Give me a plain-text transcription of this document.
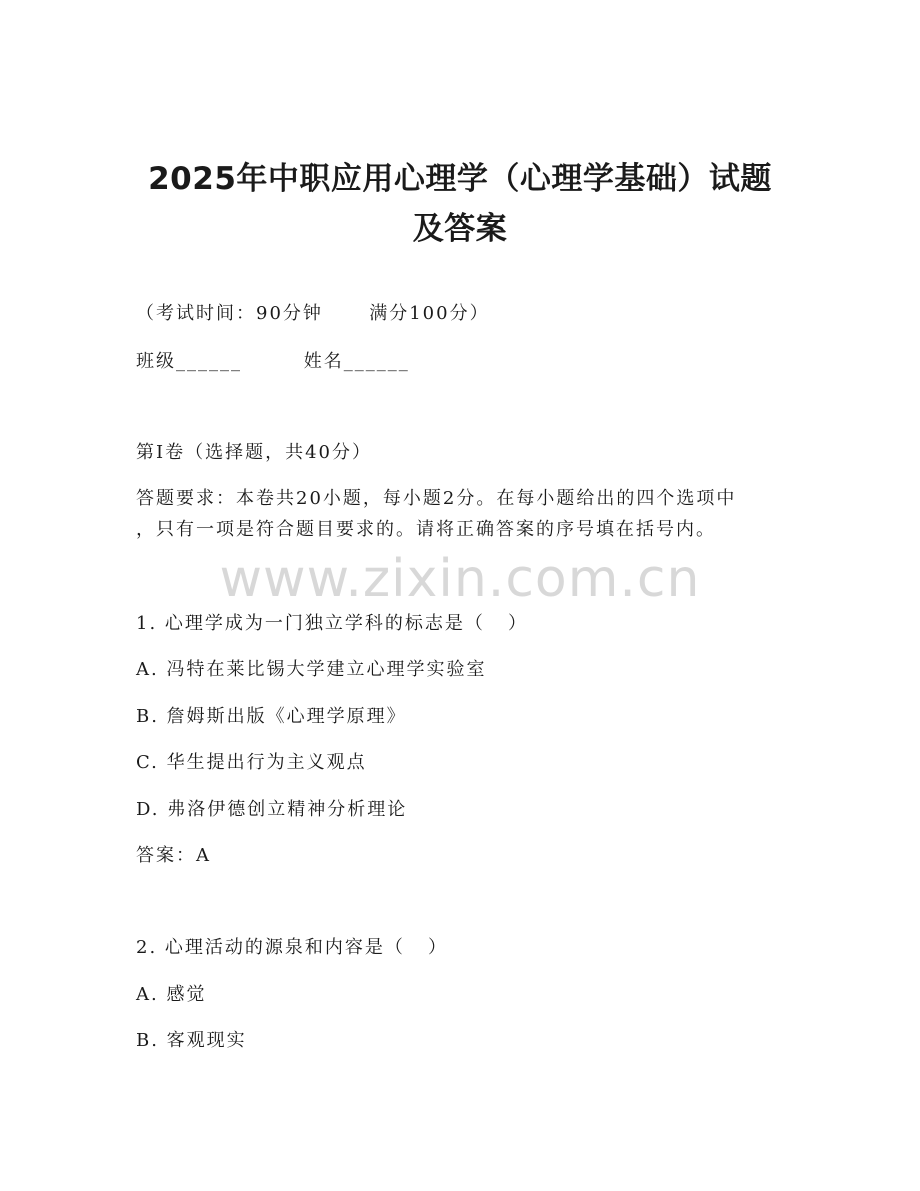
2025年中职应用心理学（心理学基础）试题
及答案
（考试时间：90分钟      满分100分）
班级______        姓名______
第I卷（选择题，共40分）
答题要求：本卷共20小题，每小题2分。在每小题给出的四个选项中
，只有一项是符合题目要求的。请将正确答案的序号填在括号内。
www.zixin.com.cn
1. 心理学成为一门独立学科的标志是（   ）
A. 冯特在莱比锡大学建立心理学实验室
B. 詹姆斯出版《心理学原理》
C. 华生提出行为主义观点
D. 弗洛伊德创立精神分析理论
答案：A
2. 心理活动的源泉和内容是（   ）
A. 感觉
B. 客观现实
